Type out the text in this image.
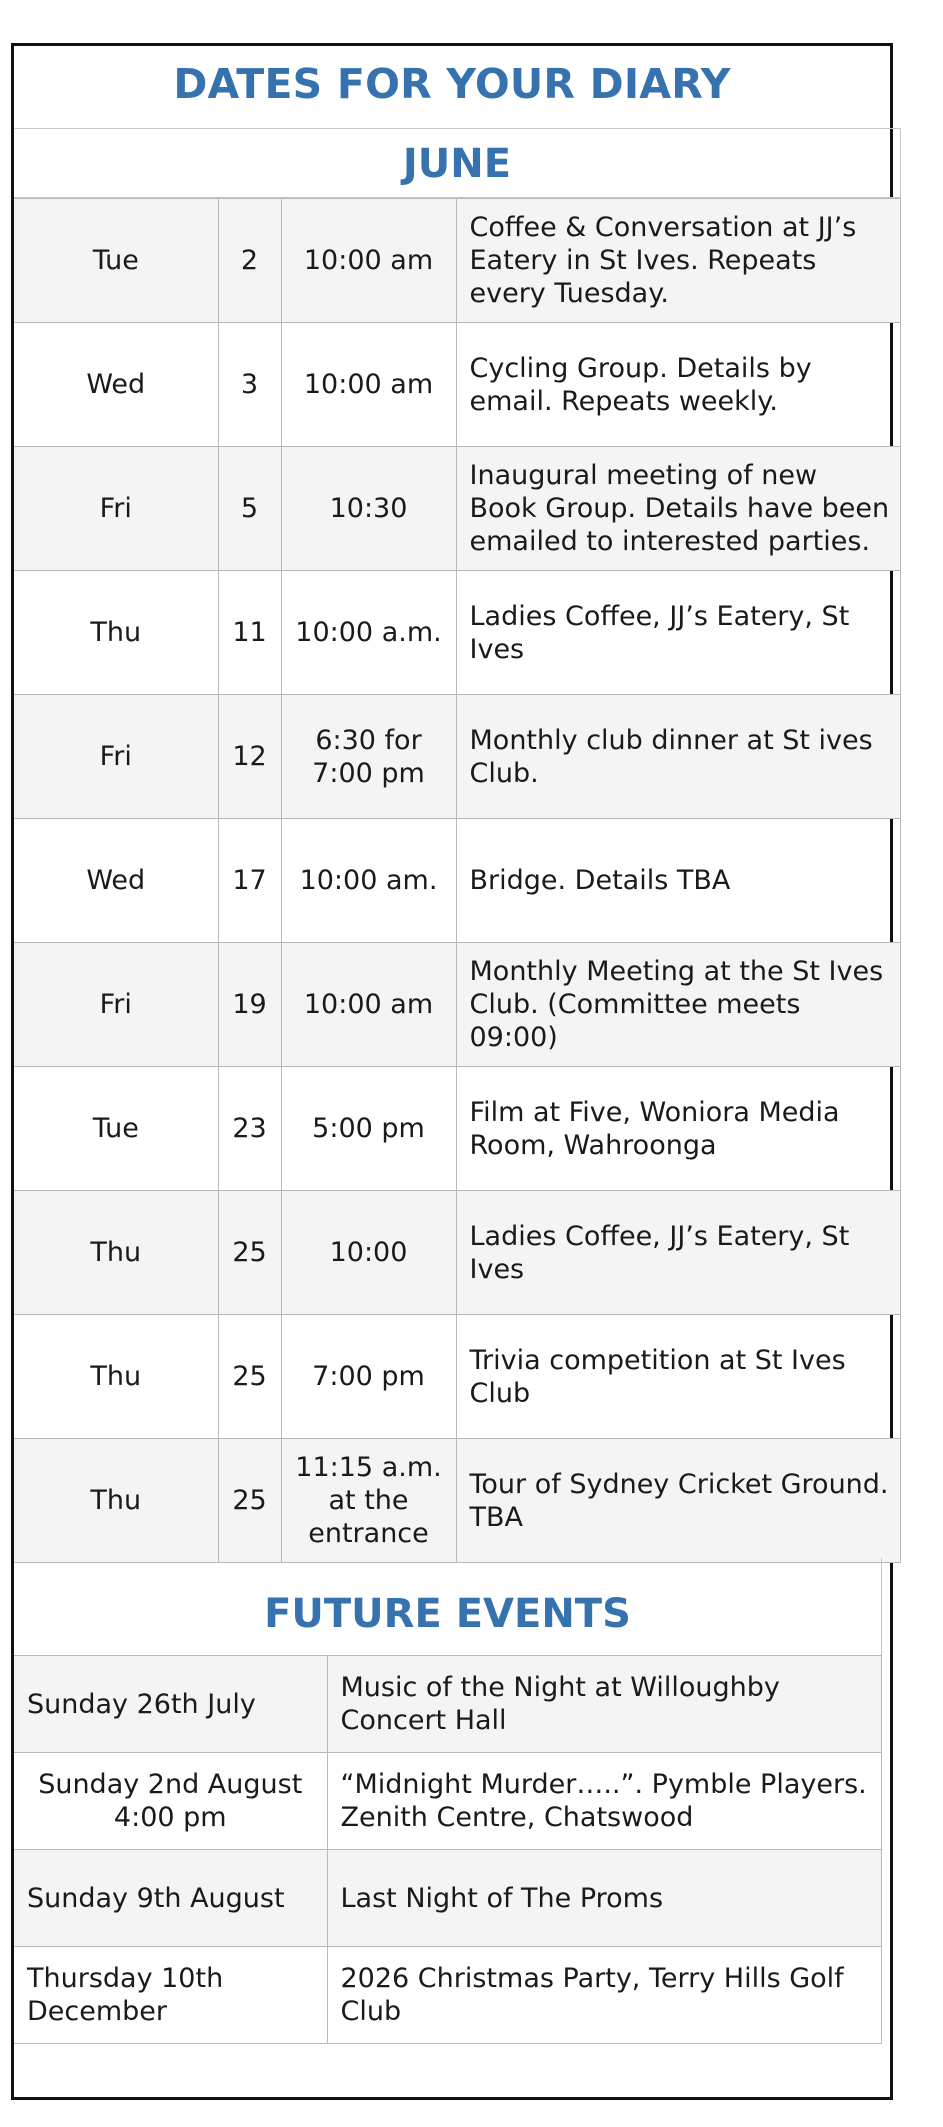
DATES FOR YOUR DIARY
JUNE
Tue	2	10:00 am	Coffee & Conversation at JJ’s Eatery in St Ives. Repeats every Tuesday.
Wed	3	10:00 am	Cycling Group. Details by email. Repeats weekly.
Fri	5	10:30	Inaugural meeting of new Book Group. Details have been emailed to interested parties.
Thu	11	10:00 a.m.	Ladies Coffee, JJ’s Eatery, St Ives
Fri	12	6:30 for 7:00 pm	Monthly club dinner at St ives Club.
Wed	17	10:00 am.	Bridge. Details TBA
Fri	19	10:00 am	Monthly Meeting at the St Ives Club. (Committee meets 09:00)
Tue	23	5:00 pm	Film at Five, Woniora Media Room, Wahroonga
Thu	25	10:00	Ladies Coffee, JJ’s Eatery, St Ives
Thu	25	7:00 pm	Trivia competition at St Ives Club
Thu	25	11:15 a.m. at the entrance	Tour of Sydney Cricket Ground. TBA
FUTURE EVENTS
Sunday 26th July	Music of the Night at Willoughby Concert Hall
Sunday 2nd August 4:00 pm	“Midnight Murder…..”. Pymble Players. Zenith Centre, Chatswood
Sunday 9th August	Last Night of The Proms
Thursday 10th December	2026 Christmas Party, Terry Hills Golf Club
